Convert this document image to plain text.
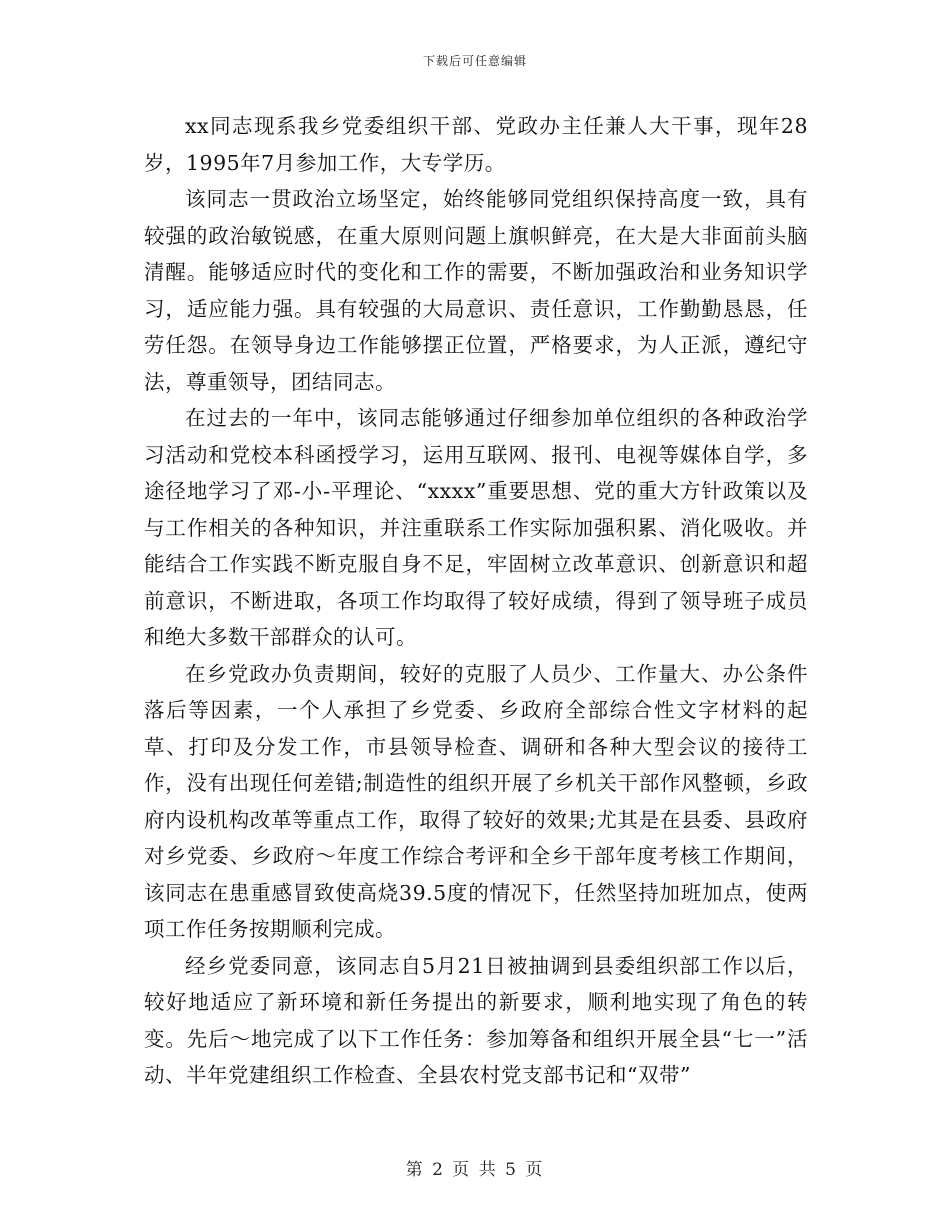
下载后可任意编辑

xx同志现系我乡党委组织干部、党政办主任兼人大干事，现年28岁，1995年7月参加工作，大专学历。

该同志一贯政治立场坚定，始终能够同党组织保持高度一致，具有较强的政治敏锐感，在重大原则问题上旗帜鲜亮，在大是大非面前头脑清醒。能够适应时代的变化和工作的需要，不断加强政治和业务知识学习，适应能力强。具有较强的大局意识、责任意识，工作勤勤恳恳，任劳任怨。在领导身边工作能够摆正位置，严格要求，为人正派，遵纪守法，尊重领导，团结同志。

在过去的一年中，该同志能够通过仔细参加单位组织的各种政治学习活动和党校本科函授学习，运用互联网、报刊、电视等媒体自学，多途径地学习了邓-小-平理论、“xxxx”重要思想、党的重大方针政策以及与工作相关的各种知识，并注重联系工作实际加强积累、消化吸收。并能结合工作实践不断克服自身不足，牢固树立改革意识、创新意识和超前意识，不断进取，各项工作均取得了较好成绩，得到了领导班子成员和绝大多数干部群众的认可。

在乡党政办负责期间，较好的克服了人员少、工作量大、办公条件落后等因素，一个人承担了乡党委、乡政府全部综合性文字材料的起草、打印及分发工作，市县领导检查、调研和各种大型会议的接待工作，没有出现任何差错;制造性的组织开展了乡机关干部作风整顿，乡政府内设机构改革等重点工作，取得了较好的效果;尤其是在县委、县政府对乡党委、乡政府～年度工作综合考评和全乡干部年度考核工作期间，该同志在患重感冒致使高烧39.5度的情况下，任然坚持加班加点，使两项工作任务按期顺利完成。

经乡党委同意，该同志自5月21日被抽调到县委组织部工作以后，较好地适应了新环境和新任务提出的新要求，顺利地实现了角色的转变。先后～地完成了以下工作任务：参加筹备和组织开展全县“七一”活动、半年党建组织工作检查、全县农村党支部书记和“双带”

第 2 页 共 5 页
